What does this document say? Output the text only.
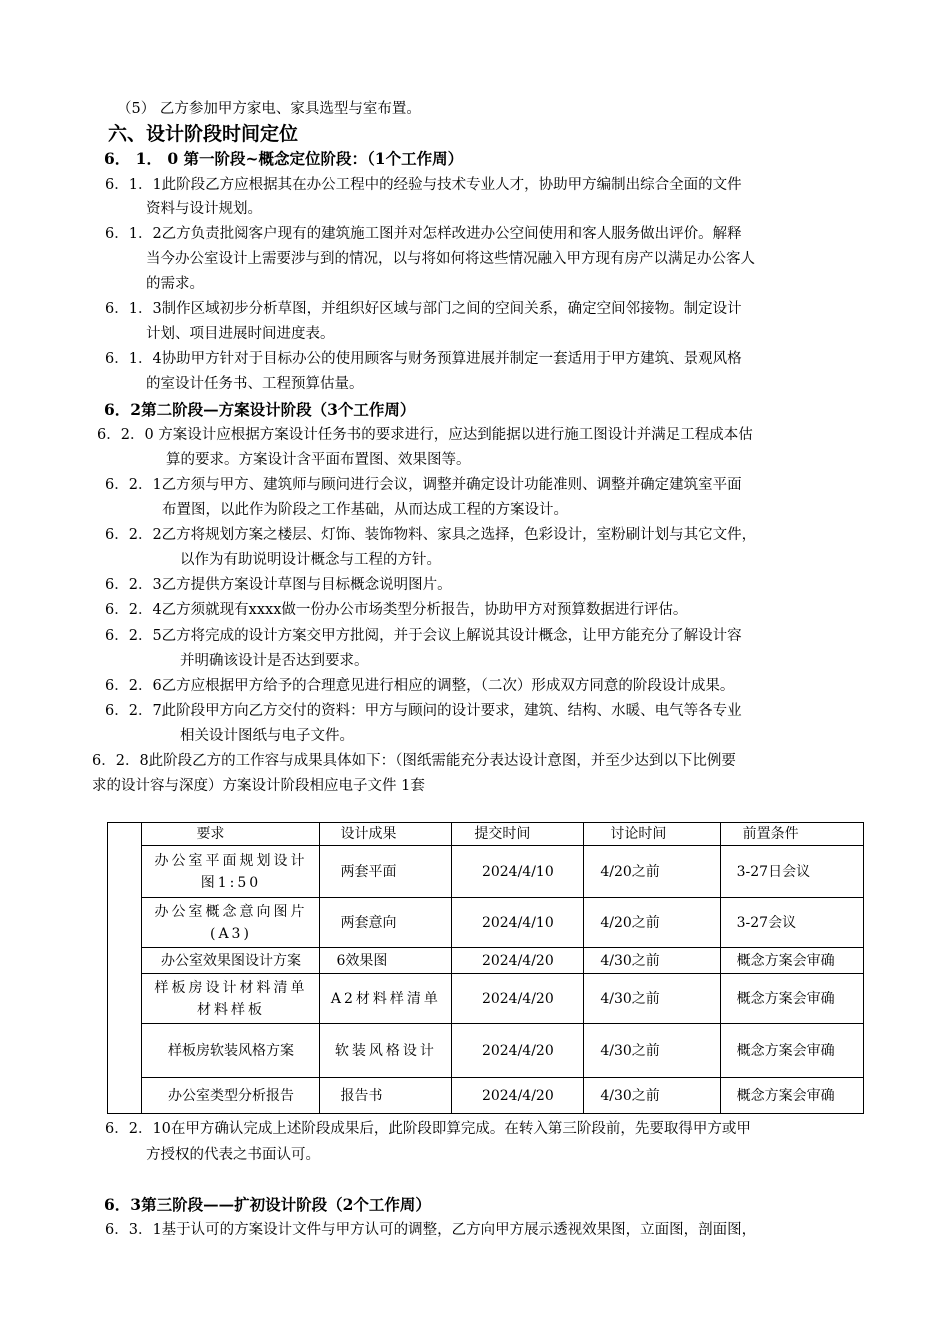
（5） 乙方参加甲方家电、家具选型与室布置。
六、设计阶段时间定位
6． 1． 0 第一阶段~概念定位阶段：（1个工作周）
6．1．1此阶段乙方应根据其在办公工程中的经验与技术专业人才，协助甲方编制出综合全面的文件
资料与设计规划。
6．1．2乙方负责批阅客户现有的建筑施工图并对怎样改进办公空间使用和客人服务做出评价。解释
当今办公室设计上需要涉与到的情况，以与将如何将这些情况融入甲方现有房产以满足办公客人
的需求。
6．1．3制作区域初步分析草图，并组织好区域与部门之间的空间关系，确定空间邻接物。制定设计
计划、项目进展时间进度表。
6．1．4协助甲方针对于目标办公的使用顾客与财务预算进展并制定一套适用于甲方建筑、景观风格
的室设计任务书、工程预算估量。
6．2第二阶段—方案设计阶段（3个工作周）
6．2．0 方案设计应根据方案设计任务书的要求进行，应达到能据以进行施工图设计并满足工程成本估
算的要求。方案设计含平面布置图、效果图等。
6．2．1乙方须与甲方、建筑师与顾问进行会议，调整并确定设计功能准则、调整并确定建筑室平面
布置图，以此作为阶段之工作基础，从而达成工程的方案设计。
6．2．2乙方将规划方案之楼层、灯饰、装饰物料、家具之选择，色彩设计，室粉刷计划与其它文件，
以作为有助说明设计概念与工程的方针。
6．2．3乙方提供方案设计草图与目标概念说明图片。
6．2．4乙方须就现有xxxx做一份办公市场类型分析报告，协助甲方对预算数据进行评估。
6．2．5乙方将完成的设计方案交甲方批阅，并于会议上解说其设计概念，让甲方能充分了解设计容
并明确该设计是否达到要求。
6．2．6乙方应根据甲方给予的合理意见进行相应的调整，（二次）形成双方同意的阶段设计成果。
6．2．7此阶段甲方向乙方交付的资料：甲方与顾问的设计要求，建筑、结构、水暖、电气等各专业
相关设计图纸与电子文件。
6．2．8此阶段乙方的工作容与成果具体如下：（图纸需能充分表达设计意图，并至少达到以下比例要
求的设计容与深度）方案设计阶段相应电子文件 1套
	要求	设计成果	提交时间	讨论时间	前置条件
	办公室平面规划设计图1:50	两套平面	2024/4/10	4/20之前	3-27日会议
	办公室概念意向图片(A3)	两套意向	2024/4/10	4/20之前	3-27会议
	办公室效果图设计方案	6效果图	2024/4/20	4/30之前	概念方案会审确
	样板房设计材料清单材料样板	A2材料样清单	2024/4/20	4/30之前	概念方案会审确
	样板房软装风格方案	软装风格设计	2024/4/20	4/30之前	概念方案会审确
	办公室类型分析报告	报告书	2024/4/20	4/30之前	概念方案会审确
6．2．10在甲方确认完成上述阶段成果后，此阶段即算完成。在转入第三阶段前，先要取得甲方或甲
方授权的代表之书面认可。
6．3第三阶段——扩初设计阶段（2个工作周）
6．3．1基于认可的方案设计文件与甲方认可的调整，乙方向甲方展示透视效果图，立面图，剖面图，
